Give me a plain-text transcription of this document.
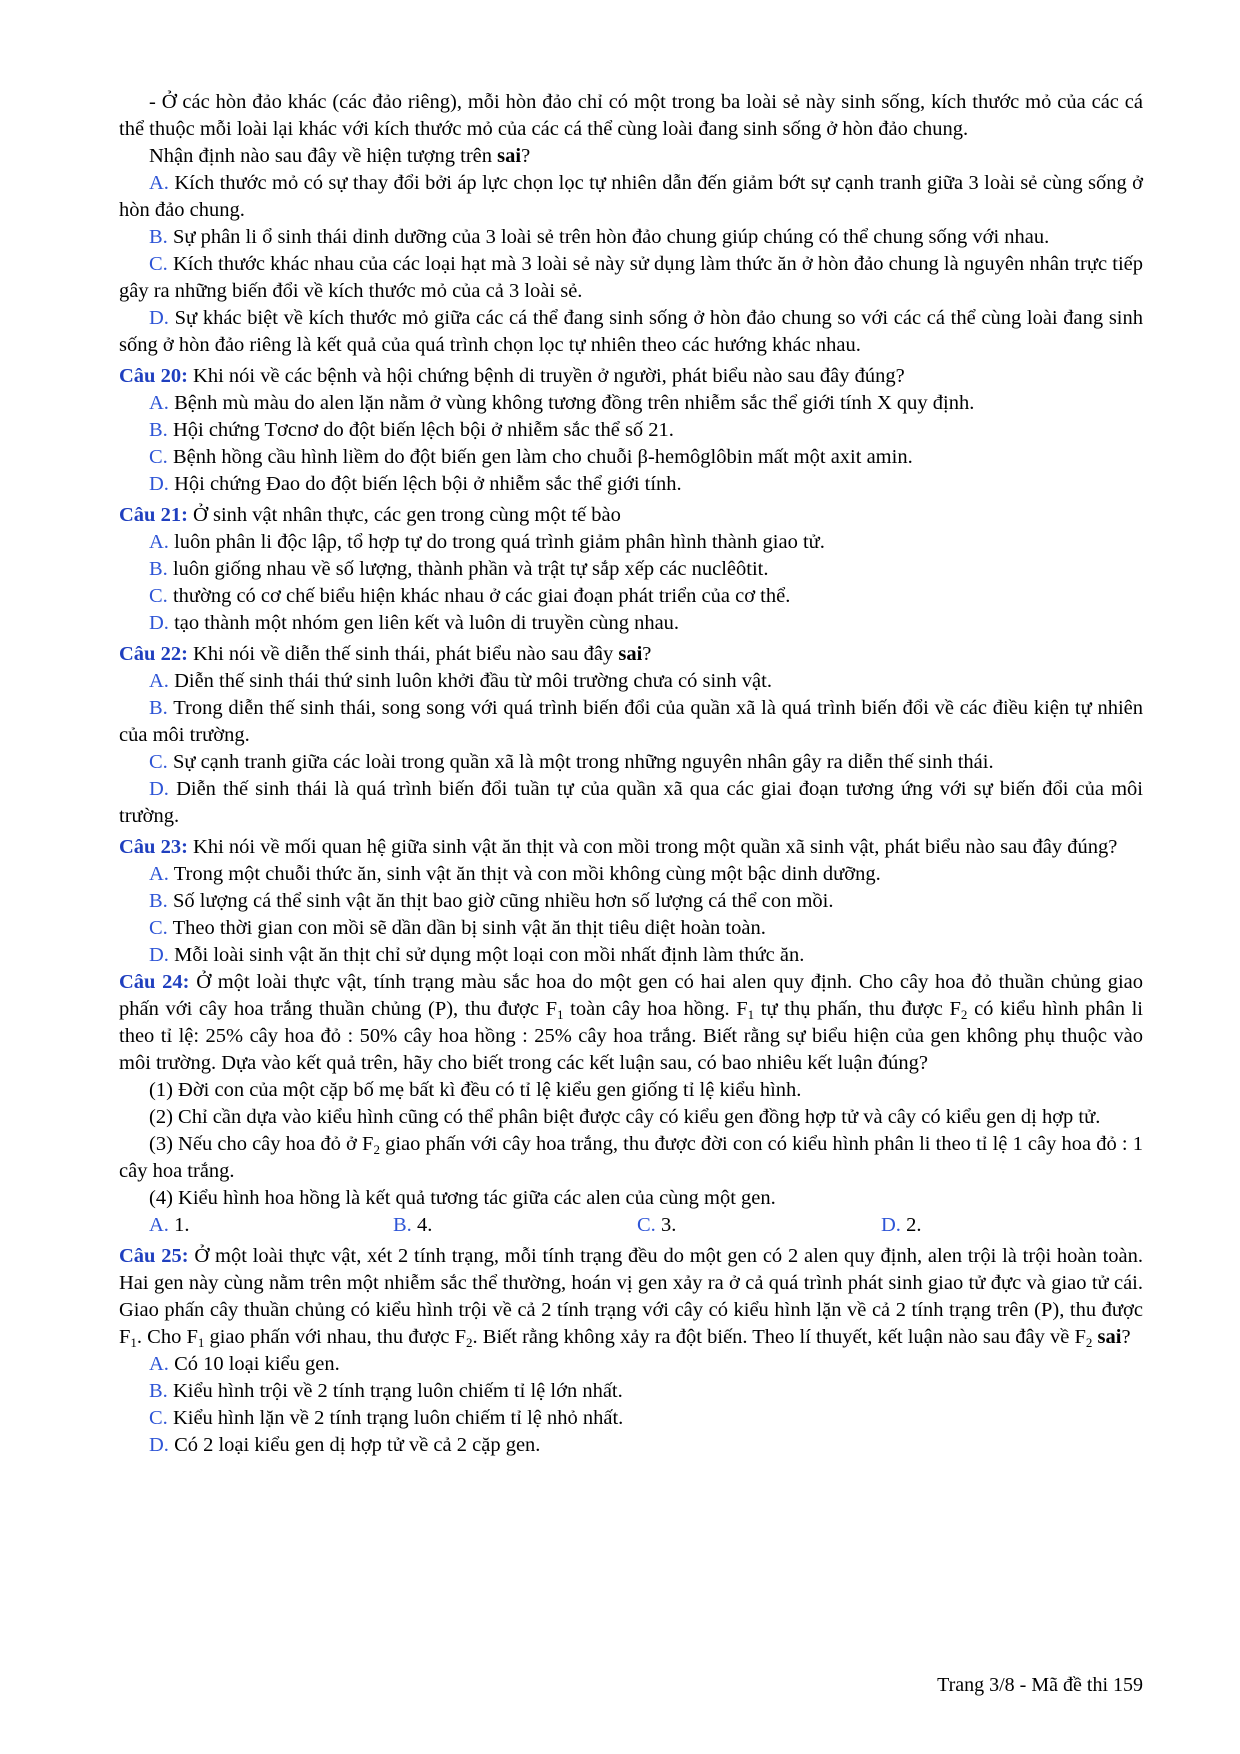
- Ở các hòn đảo khác (các đảo riêng), mỗi hòn đảo chỉ có một trong ba loài sẻ này sinh sống, kích thước mỏ của các cá thể thuộc mỗi loài lại khác với kích thước mỏ của các cá thể cùng loài đang sinh sống ở hòn đảo chung.

Nhận định nào sau đây về hiện tượng trên sai?

A. Kích thước mỏ có sự thay đổi bởi áp lực chọn lọc tự nhiên dẫn đến giảm bớt sự cạnh tranh giữa 3 loài sẻ cùng sống ở hòn đảo chung.

B. Sự phân li ổ sinh thái dinh dưỡng của 3 loài sẻ trên hòn đảo chung giúp chúng có thể chung sống với nhau.

C. Kích thước khác nhau của các loại hạt mà 3 loài sẻ này sử dụng làm thức ăn ở hòn đảo chung là nguyên nhân trực tiếp gây ra những biến đổi về kích thước mỏ của cả 3 loài sẻ.

D. Sự khác biệt về kích thước mỏ giữa các cá thể đang sinh sống ở hòn đảo chung so với các cá thể cùng loài đang sinh sống ở hòn đảo riêng là kết quả của quá trình chọn lọc tự nhiên theo các hướng khác nhau.

Câu 20: Khi nói về các bệnh và hội chứng bệnh di truyền ở người, phát biểu nào sau đây đúng?

A. Bệnh mù màu do alen lặn nằm ở vùng không tương đồng trên nhiễm sắc thể giới tính X quy định.

B. Hội chứng Tơcnơ do đột biến lệch bội ở nhiễm sắc thể số 21.

C. Bệnh hồng cầu hình liềm do đột biến gen làm cho chuỗi β-hemôglôbin mất một axit amin.

D. Hội chứng Đao do đột biến lệch bội ở nhiễm sắc thể giới tính.

Câu 21: Ở sinh vật nhân thực, các gen trong cùng một tế bào

A. luôn phân li độc lập, tổ hợp tự do trong quá trình giảm phân hình thành giao tử.

B. luôn giống nhau về số lượng, thành phần và trật tự sắp xếp các nuclêôtit.

C. thường có cơ chế biểu hiện khác nhau ở các giai đoạn phát triển của cơ thể.

D. tạo thành một nhóm gen liên kết và luôn di truyền cùng nhau.

Câu 22: Khi nói về diễn thế sinh thái, phát biểu nào sau đây sai?

A. Diễn thế sinh thái thứ sinh luôn khởi đầu từ môi trường chưa có sinh vật.

B. Trong diễn thế sinh thái, song song với quá trình biến đổi của quần xã là quá trình biến đổi về các điều kiện tự nhiên của môi trường.

C. Sự cạnh tranh giữa các loài trong quần xã là một trong những nguyên nhân gây ra diễn thế sinh thái.

D. Diễn thế sinh thái là quá trình biến đổi tuần tự của quần xã qua các giai đoạn tương ứng với sự biến đổi của môi trường.

Câu 23: Khi nói về mối quan hệ giữa sinh vật ăn thịt và con mồi trong một quần xã sinh vật, phát biểu nào sau đây đúng?

A. Trong một chuỗi thức ăn, sinh vật ăn thịt và con mồi không cùng một bậc dinh dưỡng.

B. Số lượng cá thể sinh vật ăn thịt bao giờ cũng nhiều hơn số lượng cá thể con mồi.

C. Theo thời gian con mồi sẽ dần dần bị sinh vật ăn thịt tiêu diệt hoàn toàn.

D. Mỗi loài sinh vật ăn thịt chỉ sử dụng một loại con mồi nhất định làm thức ăn.

Câu 24: Ở một loài thực vật, tính trạng màu sắc hoa do một gen có hai alen quy định. Cho cây hoa đỏ thuần chủng giao phấn với cây hoa trắng thuần chủng (P), thu được $F_1$ toàn cây hoa hồng. $F_1$ tự thụ phấn, thu được $F_2$ có kiểu hình phân li theo tỉ lệ: 25% cây hoa đỏ : 50% cây hoa hồng : 25% cây hoa trắng. Biết rằng sự biểu hiện của gen không phụ thuộc vào môi trường. Dựa vào kết quả trên, hãy cho biết trong các kết luận sau, có bao nhiêu kết luận đúng?

(1) Đời con của một cặp bố mẹ bất kì đều có tỉ lệ kiểu gen giống tỉ lệ kiểu hình.

(2) Chỉ cần dựa vào kiểu hình cũng có thể phân biệt được cây có kiểu gen đồng hợp tử và cây có kiểu gen dị hợp tử.

(3) Nếu cho cây hoa đỏ ở $F_2$ giao phấn với cây hoa trắng, thu được đời con có kiểu hình phân li theo tỉ lệ 1 cây hoa đỏ : 1 cây hoa trắng.

(4) Kiểu hình hoa hồng là kết quả tương tác giữa các alen của cùng một gen.

A. 1.	B. 4.	C. 3.	D. 2.

Câu 25: Ở một loài thực vật, xét 2 tính trạng, mỗi tính trạng đều do một gen có 2 alen quy định, alen trội là trội hoàn toàn. Hai gen này cùng nằm trên một nhiễm sắc thể thường, hoán vị gen xảy ra ở cả quá trình phát sinh giao tử đực và giao tử cái. Giao phấn cây thuần chủng có kiểu hình trội về cả 2 tính trạng với cây có kiểu hình lặn về cả 2 tính trạng trên (P), thu được $F_1$. Cho $F_1$ giao phấn với nhau, thu được $F_2$. Biết rằng không xảy ra đột biến. Theo lí thuyết, kết luận nào sau đây về $F_2$ sai?

A. Có 10 loại kiểu gen.

B. Kiểu hình trội về 2 tính trạng luôn chiếm tỉ lệ lớn nhất.

C. Kiểu hình lặn về 2 tính trạng luôn chiếm tỉ lệ nhỏ nhất.

D. Có 2 loại kiểu gen dị hợp tử về cả 2 cặp gen.

Trang 3/8 - Mã đề thi 159
